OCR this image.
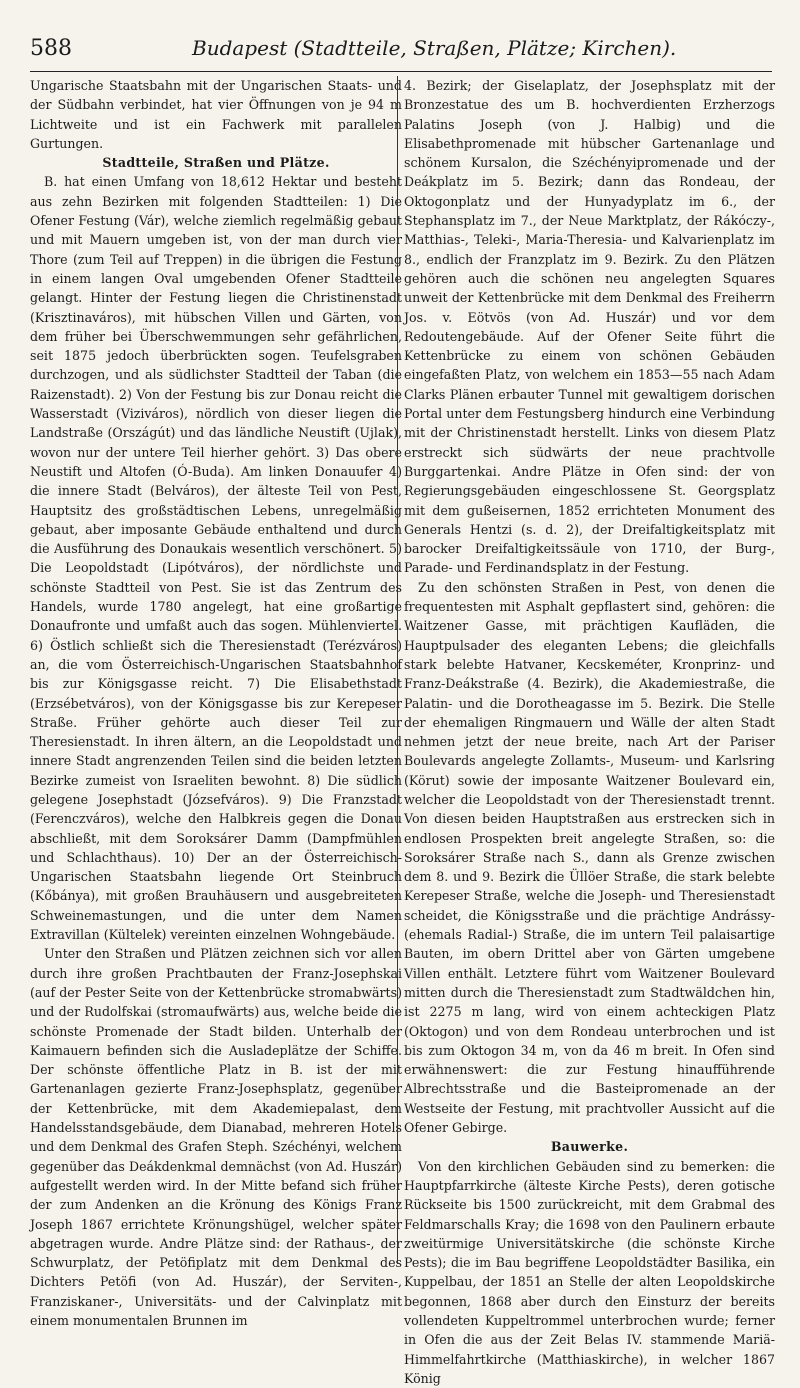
588	Budapest (Stadtteile, Straßen, Plätze; Kirchen).

Ungarische Staatsbahn mit der Ungarischen Staats- und der Südbahn verbindet, hat vier Öffnungen von je 94 m Lichtweite und ist ein Fachwerk mit parallelen Gurtungen.

Stadtteile, Straßen und Plätze.

B. hat einen Umfang von 18,612 Hektar und besteht aus zehn Bezirken mit folgenden Stadtteilen: 1) Die Ofener Festung (Vár), welche ziemlich regelmäßig gebaut und mit Mauern umgeben ist, von der man durch vier Thore (zum Teil auf Treppen) in die übrigen die Festung in einem langen Oval umgebenden Ofener Stadtteile gelangt. Hinter der Festung liegen die Christinenstadt (Krisztinaváros), mit hübschen Villen und Gärten, von dem früher bei Überschwemmungen sehr gefährlichen, seit 1875 jedoch überbrückten sogen. Teufelsgraben durchzogen, und als südlichster Stadtteil der Taban (die Raizenstadt). 2) Von der Festung bis zur Donau reicht die Wasserstadt (Viziváros), nördlich von dieser liegen die Landstraße (Országút) und das ländliche Neustift (Ujlak), wovon nur der untere Teil hierher gehört. 3) Das obere Neustift und Altofen (Ó-Buda). Am linken Donauufer 4) die innere Stadt (Belváros), der älteste Teil von Pest, Hauptsitz des großstädtischen Lebens, unregelmäßig gebaut, aber imposante Gebäude enthaltend und durch die Ausführung des Donaukais wesentlich verschönert. 5) Die Leopoldstadt (Lipótváros), der nördlichste und schönste Stadtteil von Pest. Sie ist das Zentrum des Handels, wurde 1780 angelegt, hat eine großartige Donaufronte und umfaßt auch das sogen. Mühlenviertel. 6) Östlich schließt sich die Theresienstadt (Terézváros) an, die vom Österreichisch-Ungarischen Staatsbahnhof bis zur Königsgasse reicht. 7) Die Elisabethstadt (Erzsébetváros), von der Königsgasse bis zur Kerepeser Straße. Früher gehörte auch dieser Teil zur Theresienstadt. In ihren ältern, an die Leopoldstadt und innere Stadt angrenzenden Teilen sind die beiden letzten Bezirke zumeist von Israeliten bewohnt. 8) Die südlich gelegene Josephstadt (Józsefváros). 9) Die Franzstadt (Ferenczváros), welche den Halbkreis gegen die Donau abschließt, mit dem Soroksárer Damm (Dampfmühlen und Schlachthaus). 10) Der an der Österreichisch-Ungarischen Staatsbahn liegende Ort Steinbruch (Kőbánya), mit großen Brauhäusern und ausgebreiteten Schweinemastungen, und die unter dem Namen Extravillan (Kültelek) vereinten einzelnen Wohngebäude.

Unter den Straßen und Plätzen zeichnen sich vor allen durch ihre großen Prachtbauten der Franz-Josephskai (auf der Pester Seite von der Kettenbrücke stromabwärts) und der Rudolfskai (stromaufwärts) aus, welche beide die schönste Promenade der Stadt bilden. Unterhalb der Kaimauern befinden sich die Ausladeplätze der Schiffe. Der schönste öffentliche Platz in B. ist der mit Gartenanlagen gezierte Franz-Josephsplatz, gegenüber der Kettenbrücke, mit dem Akademiepalast, dem Handelsstandsgebäude, dem Dianabad, mehreren Hotels und dem Denkmal des Grafen Steph. Széchényi, welchem gegenüber das Deákdenkmal demnächst (von Ad. Huszár) aufgestellt werden wird. In der Mitte befand sich früher der zum Andenken an die Krönung des Königs Franz Joseph 1867 errichtete Krönungshügel, welcher später abgetragen wurde. Andre Plätze sind: der Rathaus-, der Schwurplatz, der Petöfiplatz mit dem Denkmal des Dichters Petöfi (von Ad. Huszár), der Serviten-, Franziskaner-, Universitäts- und der Calvinplatz mit einem monumentalen Brunnen im

4. Bezirk; der Giselaplatz, der Josephsplatz mit der Bronzestatue des um B. hochverdienten Erzherzogs Palatins Joseph (von J. Halbig) und die Elisabethpromenade mit hübscher Gartenanlage und schönem Kursalon, die Széchényipromenade und der Deákplatz im 5. Bezirk; dann das Rondeau, der Oktogonplatz und der Hunyadyplatz im 6., der Stephansplatz im 7., der Neue Marktplatz, der Rákóczy-, Matthias-, Teleki-, Maria-Theresia- und Kalvarienplatz im 8., endlich der Franzplatz im 9. Bezirk. Zu den Plätzen gehören auch die schönen neu angelegten Squares unweit der Kettenbrücke mit dem Denkmal des Freiherrn Jos. v. Eötvös (von Ad. Huszár) und vor dem Redoutengebäude. Auf der Ofener Seite führt die Kettenbrücke zu einem von schönen Gebäuden eingefaßten Platz, von welchem ein 1853—55 nach Adam Clarks Plänen erbauter Tunnel mit gewaltigem dorischen Portal unter dem Festungsberg hindurch eine Verbindung mit der Christinenstadt herstellt. Links von diesem Platz erstreckt sich südwärts der neue prachtvolle Burggartenkai. Andre Plätze in Ofen sind: der von Regierungsgebäuden eingeschlossene St. Georgsplatz mit dem gußeisernen, 1852 errichteten Monument des Generals Hentzi (s. d. 2), der Dreifaltigkeitsplatz mit barocker Dreifaltigkeitssäule von 1710, der Burg-, Parade- und Ferdinandsplatz in der Festung.

Zu den schönsten Straßen in Pest, von denen die frequentesten mit Asphalt gepflastert sind, gehören: die Waitzener Gasse, mit prächtigen Kaufläden, die Hauptpulsader des eleganten Lebens; die gleichfalls stark belebte Hatvaner, Kecskeméter, Kronprinz- und Franz-Deákstraße (4. Bezirk), die Akademiestraße, die Palatin- und die Dorotheagasse im 5. Bezirk. Die Stelle der ehemaligen Ringmauern und Wälle der alten Stadt nehmen jetzt der neue breite, nach Art der Pariser Boulevards angelegte Zollamts-, Museum- und Karlsring (Körut) sowie der imposante Waitzener Boulevard ein, welcher die Leopoldstadt von der Theresienstadt trennt. Von diesen beiden Hauptstraßen aus erstrecken sich in endlosen Prospekten breit angelegte Straßen, so: die Soroksárer Straße nach S., dann als Grenze zwischen dem 8. und 9. Bezirk die Üllöer Straße, die stark belebte Kerepeser Straße, welche die Joseph- und Theresienstadt scheidet, die Königsstraße und die prächtige Andrássy- (ehemals Radial-) Straße, die im untern Teil palaisartige Bauten, im obern Drittel aber von Gärten umgebene Villen enthält. Letztere führt vom Waitzener Boulevard mitten durch die Theresienstadt zum Stadtwäldchen hin, ist 2275 m lang, wird von einem achteckigen Platz (Oktogon) und von dem Rondeau unterbrochen und ist bis zum Oktogon 34 m, von da 46 m breit. In Ofen sind erwähnenswert: die zur Festung hinaufführende Albrechtsstraße und die Basteipromenade an der Westseite der Festung, mit prachtvoller Aussicht auf die Ofener Gebirge.

Bauwerke.

Von den kirchlichen Gebäuden sind zu bemerken: die Hauptpfarrkirche (älteste Kirche Pests), deren gotische Rückseite bis 1500 zurückreicht, mit dem Grabmal des Feldmarschalls Kray; die 1698 von den Paulinern erbaute zweitürmige Universitätskirche (die schönste Kirche Pests); die im Bau begriffene Leopoldstädter Basilika, ein Kuppelbau, der 1851 an Stelle der alten Leopoldskirche begonnen, 1868 aber durch den Einsturz der bereits vollendeten Kuppeltrommel unterbrochen wurde; ferner in Ofen die aus der Zeit Belas IV. stammende Mariä-Himmelfahrtkirche (Matthiaskirche), in welcher 1867 König
